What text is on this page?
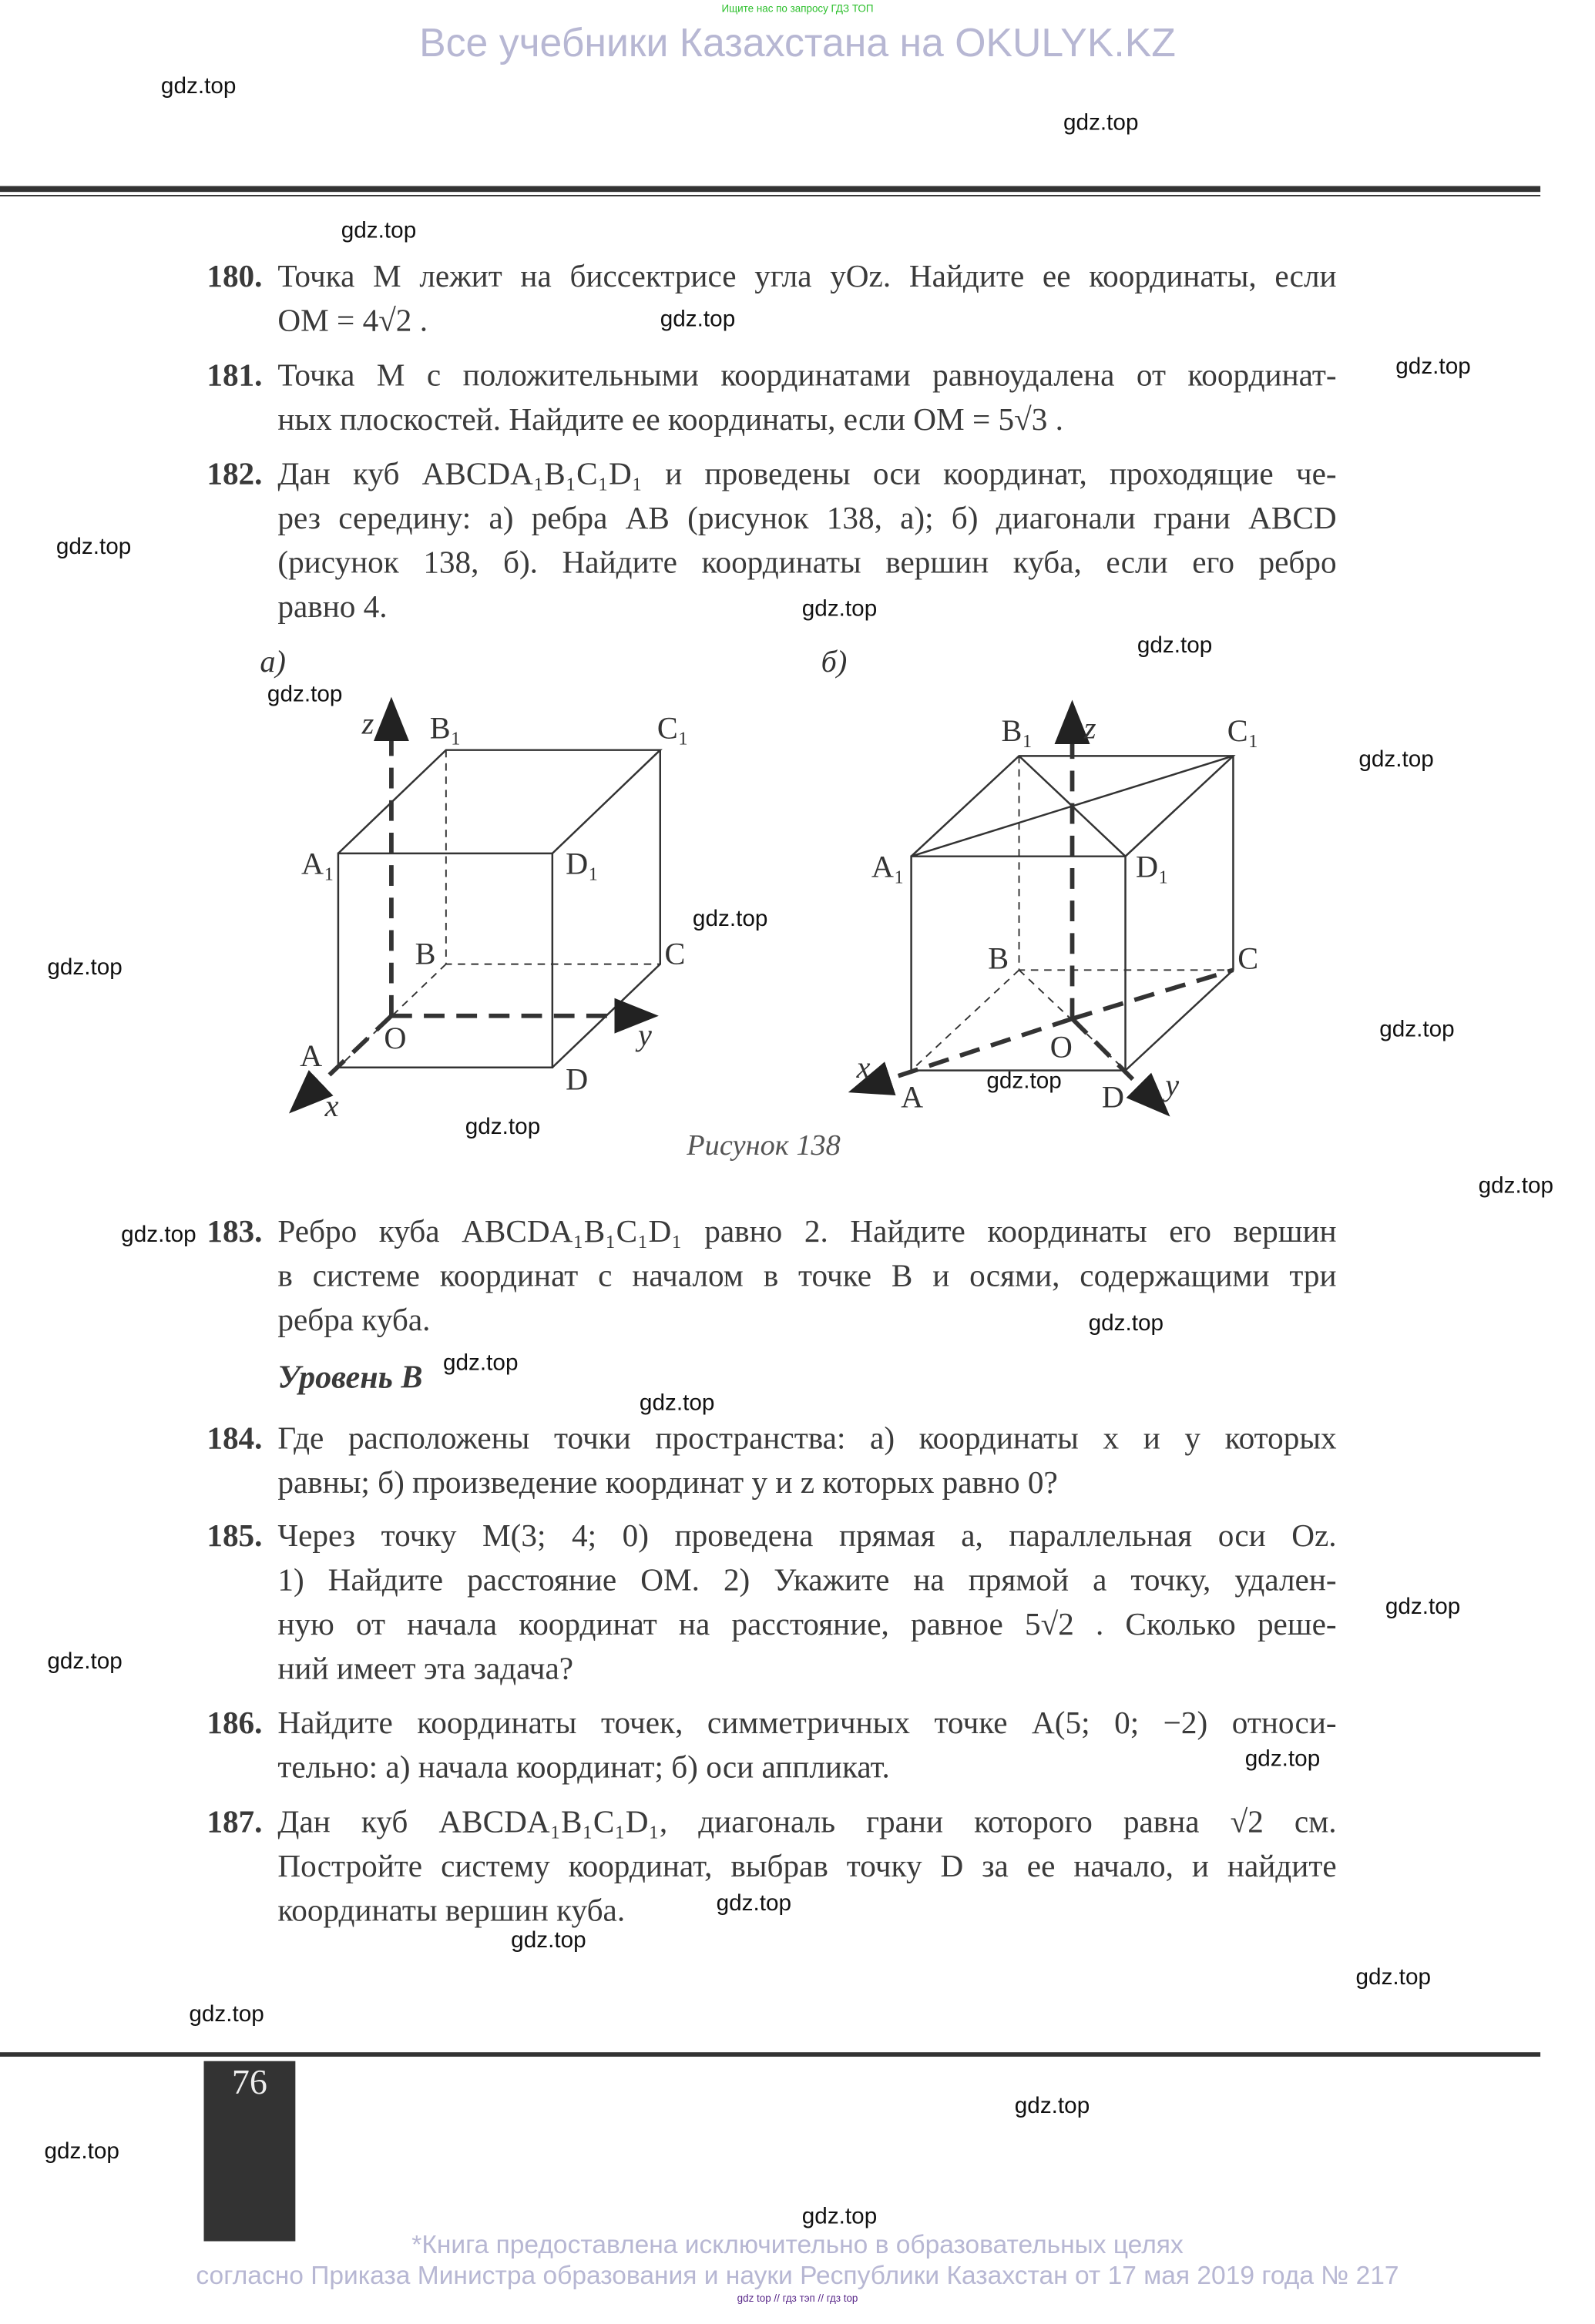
Ищите нас по запросу ГДЗ ТОП
Все учебники Казахстана на OKULYK.KZ
180. Точка M лежит на биссектрисе угла yOz. Найдите ее координаты, если
OM = 4√2 .
181. Точка M с положительными координатами равноудалена от координат-
ных плоскостей. Найдите ее координаты, если OM = 5√3 .
182. Дан куб ABCDA₁B₁C₁D₁ и проведены оси координат, проходящие че-
рез середину: а) ребра AB (рисунок 138, а); б) диагонали грани ABCD
(рисунок 138, б). Найдите координаты вершин куба, если его ребро
равно 4.
а)	б)
z	B₁	C₁
A₁	D₁
B	C
O	y
A
D
x
B₁	z	C₁
A₁	D₁
B	C
O
x
A	D	y
Рисунок 138
183. Ребро куба ABCDA₁B₁C₁D₁ равно 2. Найдите координаты его вершин
в системе координат с началом в точке B и осями, содержащими три
ребра куба.
Уровень B
184. Где расположены точки пространства: а) координаты x и y которых
равны; б) произведение координат y и z которых равно 0?
185. Через точку M(3; 4; 0) проведена прямая a, параллельная оси Oz.
1) Найдите расстояние OM. 2) Укажите на прямой a точку, удален-
ную от начала координат на расстояние, равное 5√2 . Сколько реше-
ний имеет эта задача?
186. Найдите координаты точек, симметричных точке A(5; 0; −2) относи-
тельно: а) начала координат; б) оси аппликат.
187. Дан куб ABCDA₁B₁C₁D₁, диагональ грани которого равна √2 см.
Постройте систему координат, выбрав точку D за ее начало, и найдите
координаты вершин куба.
76
*Книга предоставлена исключительно в образовательных целях
согласно Приказа Министра образования и науки Республики Казахстан от 17 мая 2019 года № 217
gdz top // гдз тэп // гдз top
gdz.top
gdz.top
gdz.top
gdz.top
gdz.top
gdz.top
gdz.top
gdz.top
gdz.top
gdz.top
gdz.top
gdz.top
gdz.top
gdz.top
gdz.top
gdz.top
gdz.top
gdz.top
gdz.top
gdz.top
gdz.top
gdz.top
gdz.top
gdz.top
gdz.top
gdz.top
gdz.top
gdz.top
gdz.top
gdz.top
